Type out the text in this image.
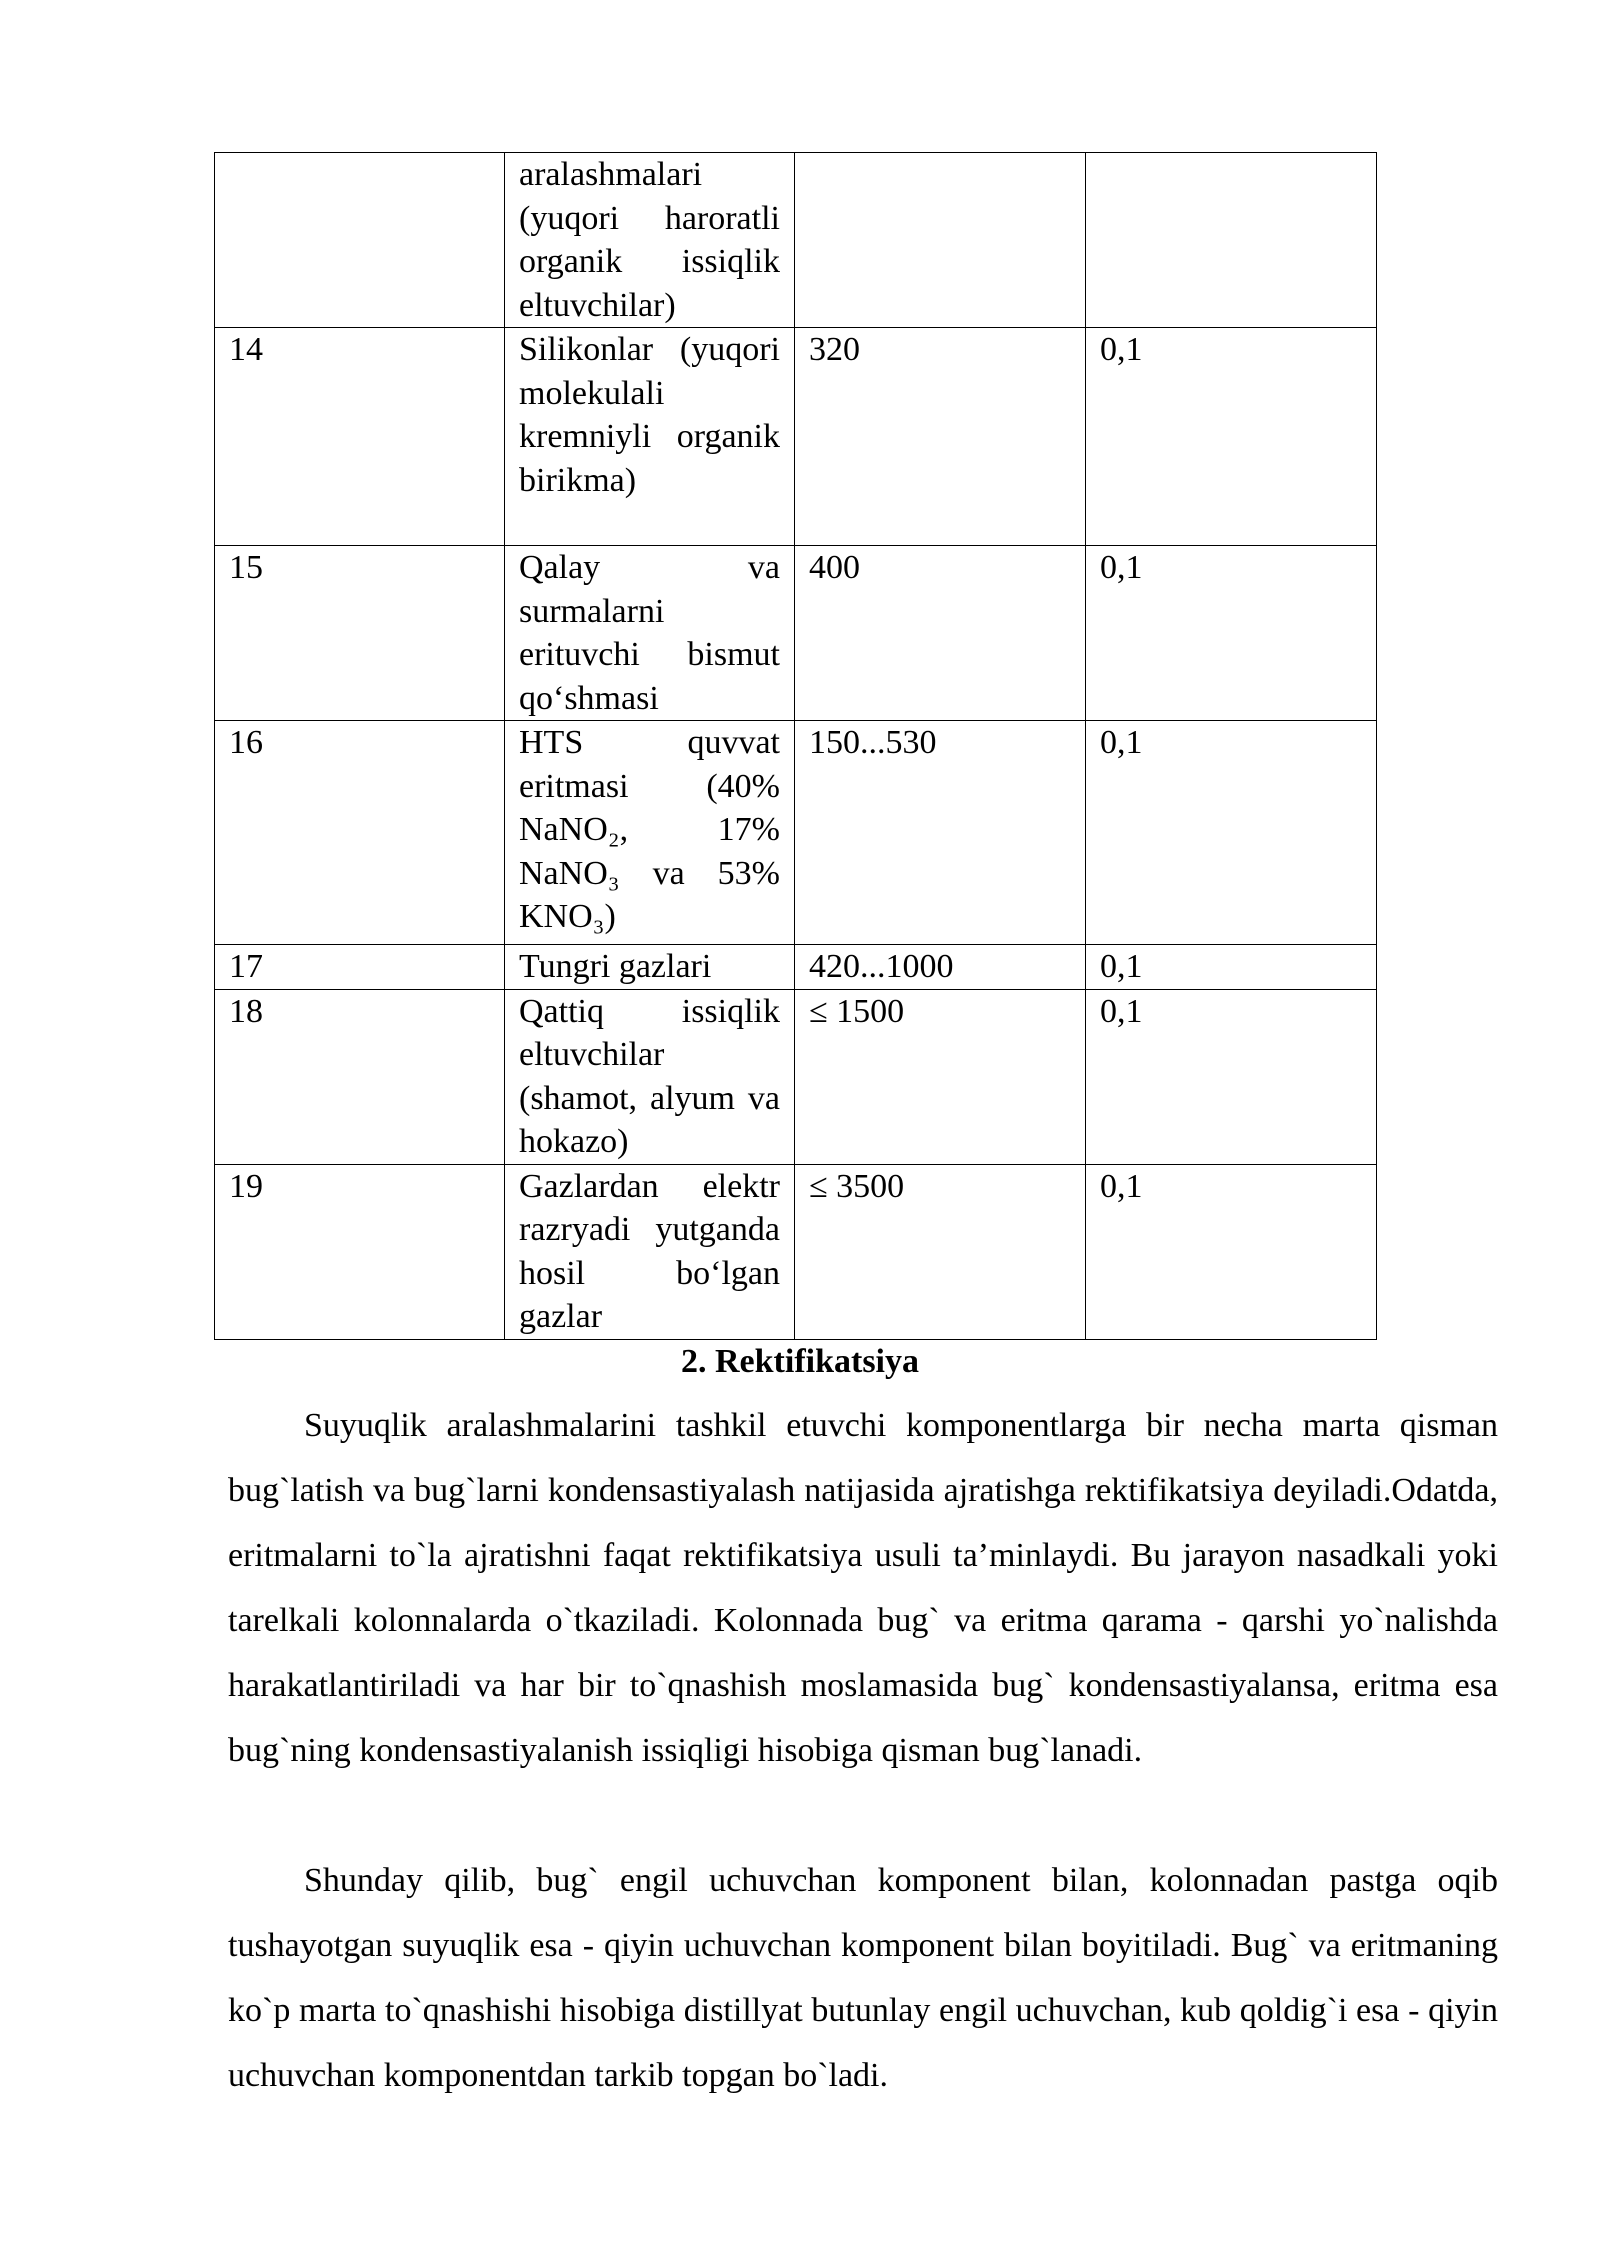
	aralashmalari (yuqori haroratli organik issiqlik eltuvchilar)		

14	Silikonlar (yuqori molekulali kremniyli organik birikma)	320	0,1
15	Qalay va surmalarni erituvchi bismut qo‘shmasi	400	0,1
16	HTS quvvat eritmasi (40% NaNO₂, 17% NaNO₃ va 53% KNO₃)	150...530	0,1
17	Tungri gazlari	420...1000	0,1
18	Qattiq issiqlik eltuvchilar (shamot, alyum va hokazo)	≤ 1500	0,1
19	Gazlardan elektr razryadi yutganda hosil bo‘lgan gazlar	≤ 3500	0,1
2. Rektifikatsiya

Suyuqlik aralashmalarini tashkil etuvchi komponentlarga bir necha marta qisman bug`latish va bug`larni kondensastiyalash natijasida ajratishga rektifikatsiya deyiladi.Odatda, eritmalarni to`la ajratishni faqat rektifikatsiya usuli ta’minlaydi. Bu jarayon nasadkali yoki tarelkali kolonnalarda o`tkaziladi. Kolonnada bug` va eritma qarama - qarshi yo`nalishda harakatlantiriladi va har bir to`qnashish moslamasida bug` kondensastiyalansa, eritma esa bug`ning kondensastiyalanish issiqligi hisobiga qisman bug`lanadi.

Shunday qilib, bug` engil uchuvchan komponent bilan, kolonnadan pastga oqib tushayotgan suyuqlik esa - qiyin uchuvchan komponent bilan boyitiladi. Bug` va eritmaning ko`p marta to`qnashishi hisobiga distillyat butunlay engil uchuvchan, kub qoldig`i esa - qiyin uchuvchan komponentdan tarkib topgan bo`ladi.
